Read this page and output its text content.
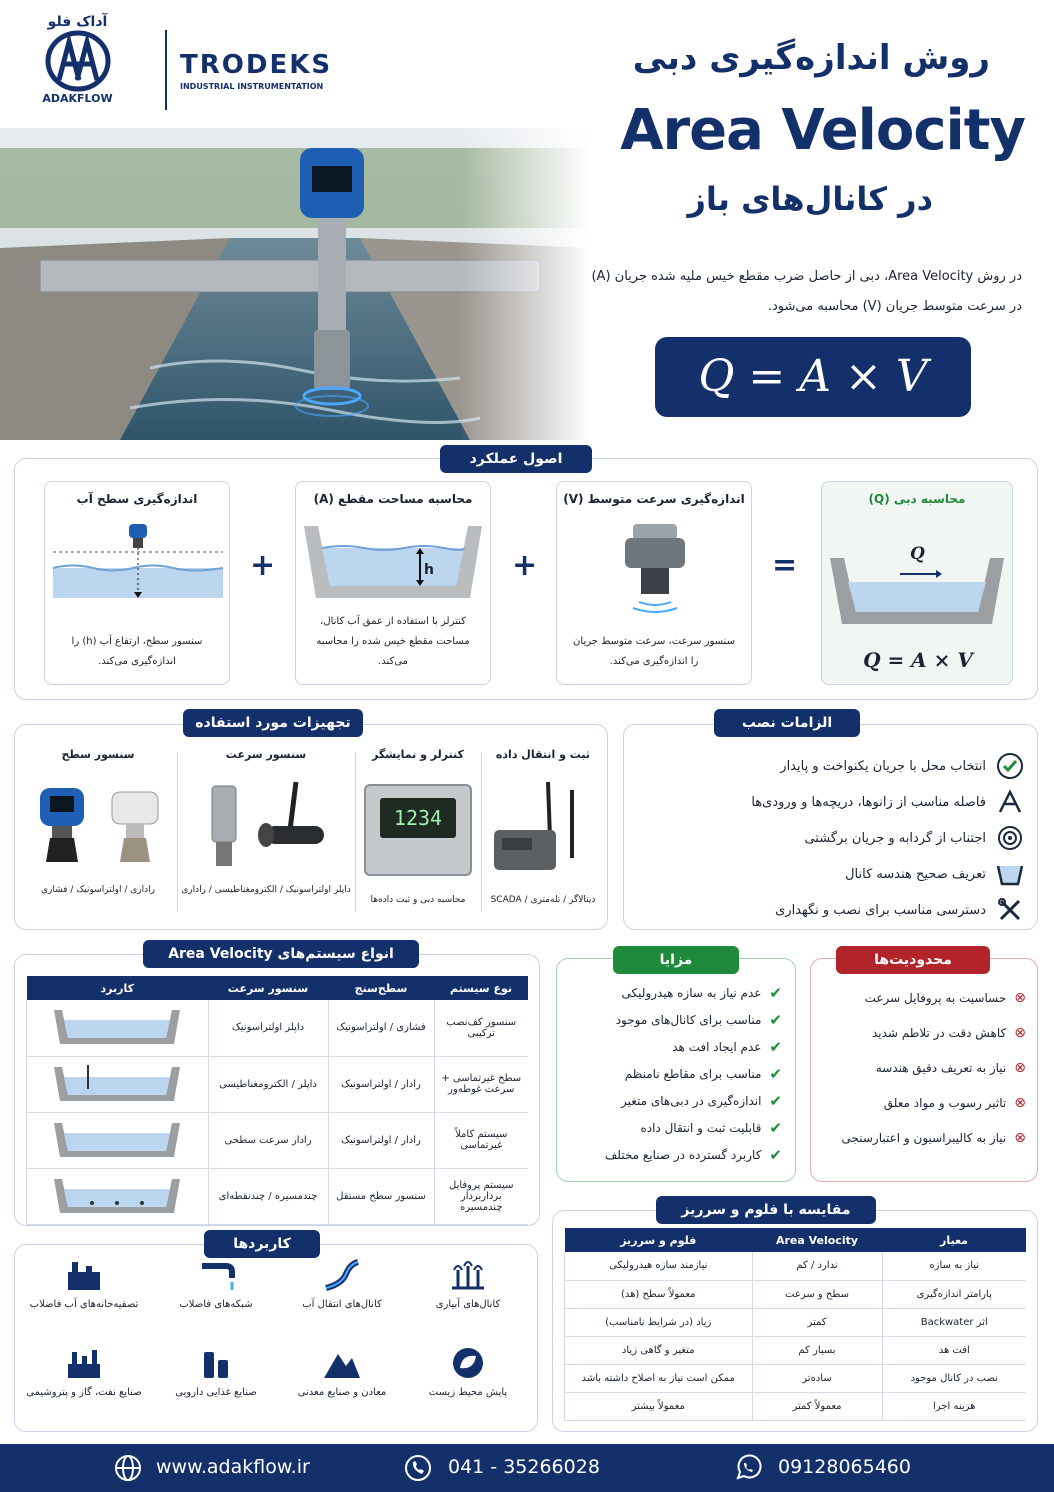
آداک فلو
ADAKFLOW
TRODEKS
INDUSTRIAL INSTRUMENTATION
روش اندازه‌گیری دبی
Area Velocity
در کانال‌های باز
در روش Area Velocity، دبی از حاصل ضرب مقطع خیس ملیه شده جریان (A) در سرعت متوسط جریان (V) محاسبه می‌شود.
Q = A × V
اصول عملکرد
اندازه‌گیری سطح آب
سنسور سطح، ارتفاع آب (h) را اندازه‌گیری می‌کند.
+
محاسبه مساحت مقطع (A)
h
کنترلر با استفاده از عمق آب کانال، مساحت مقطع خیس شده را محاسبه می‌کند.
+
اندازه‌گیری سرعت متوسط (V)
سنسور سرعت، سرعت متوسط جریان را اندازه‌گیری می‌کند.
=
محاسبه دبی (Q)
Q
Q = A × V
تجهیزات مورد استفاده
سنسور سطح
راداری / اولتراسونیک / فشاری
سنسور سرعت
داپلر اولتراسونیک / الکترومغناطیسی / راداری
کنترلر و نمایشگر
1234
محاسبه دبی و ثبت داده‌ها
ثبت و انتقال داده
دیتالاگر / تله‌متری / SCADA
الزامات نصب
انتخاب محل با جریان یکنواخت و پایدار
فاصله مناسب از زانوها، دریچه‌ها و ورودی‌ها
اجتناب از گردابه و جریان برگشتی
تعریف صحیح هندسه کانال
دسترسی مناسب برای نصب و نگهداری
انواع سیستم‌های Area Velocity
نوع سیستم	سطح‌سنج	سنسور سرعت	کاربرد
سنسور کف‌نصب ترکیبی	فشاری / اولتراسونیک	داپلر اولتراسونیک	
سطح غیرتماسی + سرعت غوطه‌ور	رادار / اولتراسونیک	داپلر / الکترومغناطیسی	
سیستم کاملاً غیرتماسی	رادار / اولتراسونیک	رادار سرعت سطحی	
سیستم پروفایل بردار‌بردار چندمسیره	سنسور سطح مستقل	چندمسیره / چندنقطه‌ای	
مزایا
✔
عدم نیاز به سازه هیدرولیکی
✔
مناسب برای کانال‌های موجود
✔
عدم ایجاد افت هد
✔
مناسب برای مقاطع نامنظم
✔
اندازه‌گیری در دبی‌های متغیر
✔
قابلیت ثبت و انتقال داده
✔
کاربرد گسترده در صنایع مختلف
محدودیت‌ها
⊗
حساسیت به پروفایل سرعت
⊗
کاهش دقت در تلاطم شدید
⊗
نیاز به تعریف دقیق هندسه
⊗
تاثیر رسوب و مواد معلق
⊗
نیاز به کالیبراسیون و اعتبارسنجی
مقایسه با فلوم و سرریز
معیار	Area Velocity	فلوم و سرریز
نیاز به سازه	ندارد / کم	نیازمند سازه هیدرولیکی
پارامتر اندازه‌گیری	سطح و سرعت	معمولاً سطح (هد)
اثر Backwater	کمتر	زیاد (در شرایط نامناسب)
افت هد	بسیار کم	متغیر و گاهی زیاد
نصب در کانال موجود	ساده‌تر	ممکن است نیاز به اصلاح داشته باشد
هزینه اجرا	معمولاً کمتر	معمولاً بیشتر
کاربردها
کانال‌های آبیاری
کانال‌های انتقال آب
شبکه‌های فاضلاب
تصفیه‌خانه‌های آب فاضلاب
پایش محیط زیست
معادن و صنایع معدنی
صنایع غذایی دارویی
صنایع نفت، گاز و پتروشیمی
www.adakflow.ir	041 - 35266028	09128065460
